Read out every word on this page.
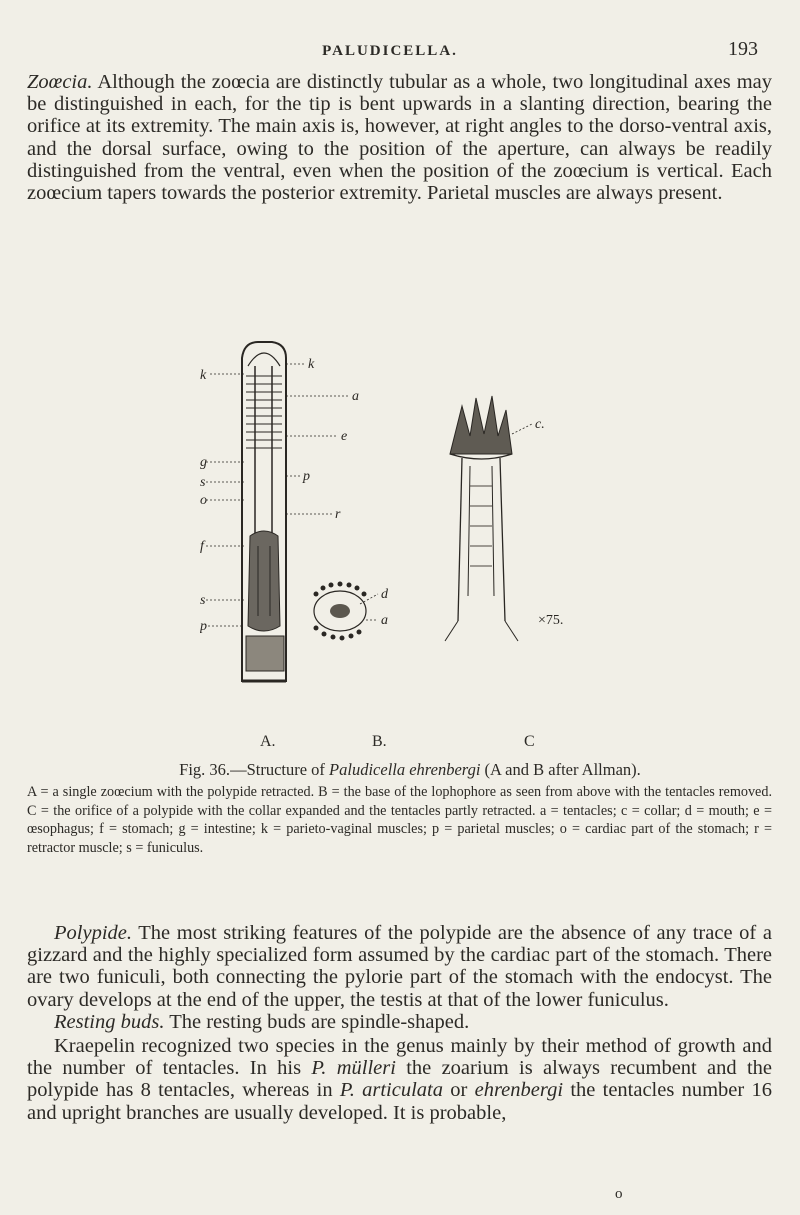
PALUDICELLA.	193
Zoœcia. Although the zoœcia are distinctly tubular as a whole, two longitudinal axes may be distinguished in each, for the tip is bent upwards in a slanting direction, bearing the orifice at its extremity. The main axis is, however, at right angles to the dorso-ventral axis, and the dorsal surface, owing to the position of the aperture, can always be readily distinguished from the ventral, even when the position of the zoœcium is vertical. Each zoœcium tapers towards the posterior extremity. Parietal muscles are always present.
k
k
a
e
g
s
o
p
f
r
s
p
d
a
c.
×75.
A.	B.	C
Fig. 36.—Structure of Paludicella ehrenbergi (A and B after Allman).
A = a single zoœcium with the polypide retracted. B = the base of the lophophore as seen from above with the tentacles removed. C = the orifice of a polypide with the collar expanded and the tentacles partly retracted. a = tentacles; c = collar; d = mouth; e = œsophagus; f = stomach; g = intestine; k = parieto-vaginal muscles; p = parietal muscles; o = cardiac part of the stomach; r = retractor muscle; s = funiculus.
Polypide. The most striking features of the polypide are the absence of any trace of a gizzard and the highly specialized form assumed by the cardiac part of the stomach. There are two funiculi, both connecting the pylorie part of the stomach with the endocyst. The ovary develops at the end of the upper, the testis at that of the lower funiculus.
Resting buds. The resting buds are spindle-shaped.
Kraepelin recognized two species in the genus mainly by their method of growth and the number of tentacles. In his P. mülleri the zoarium is always recumbent and the polypide has 8 tentacles, whereas in P. articulata or ehrenbergi the tentacles number 16 and upright branches are usually developed. It is probable,
o
